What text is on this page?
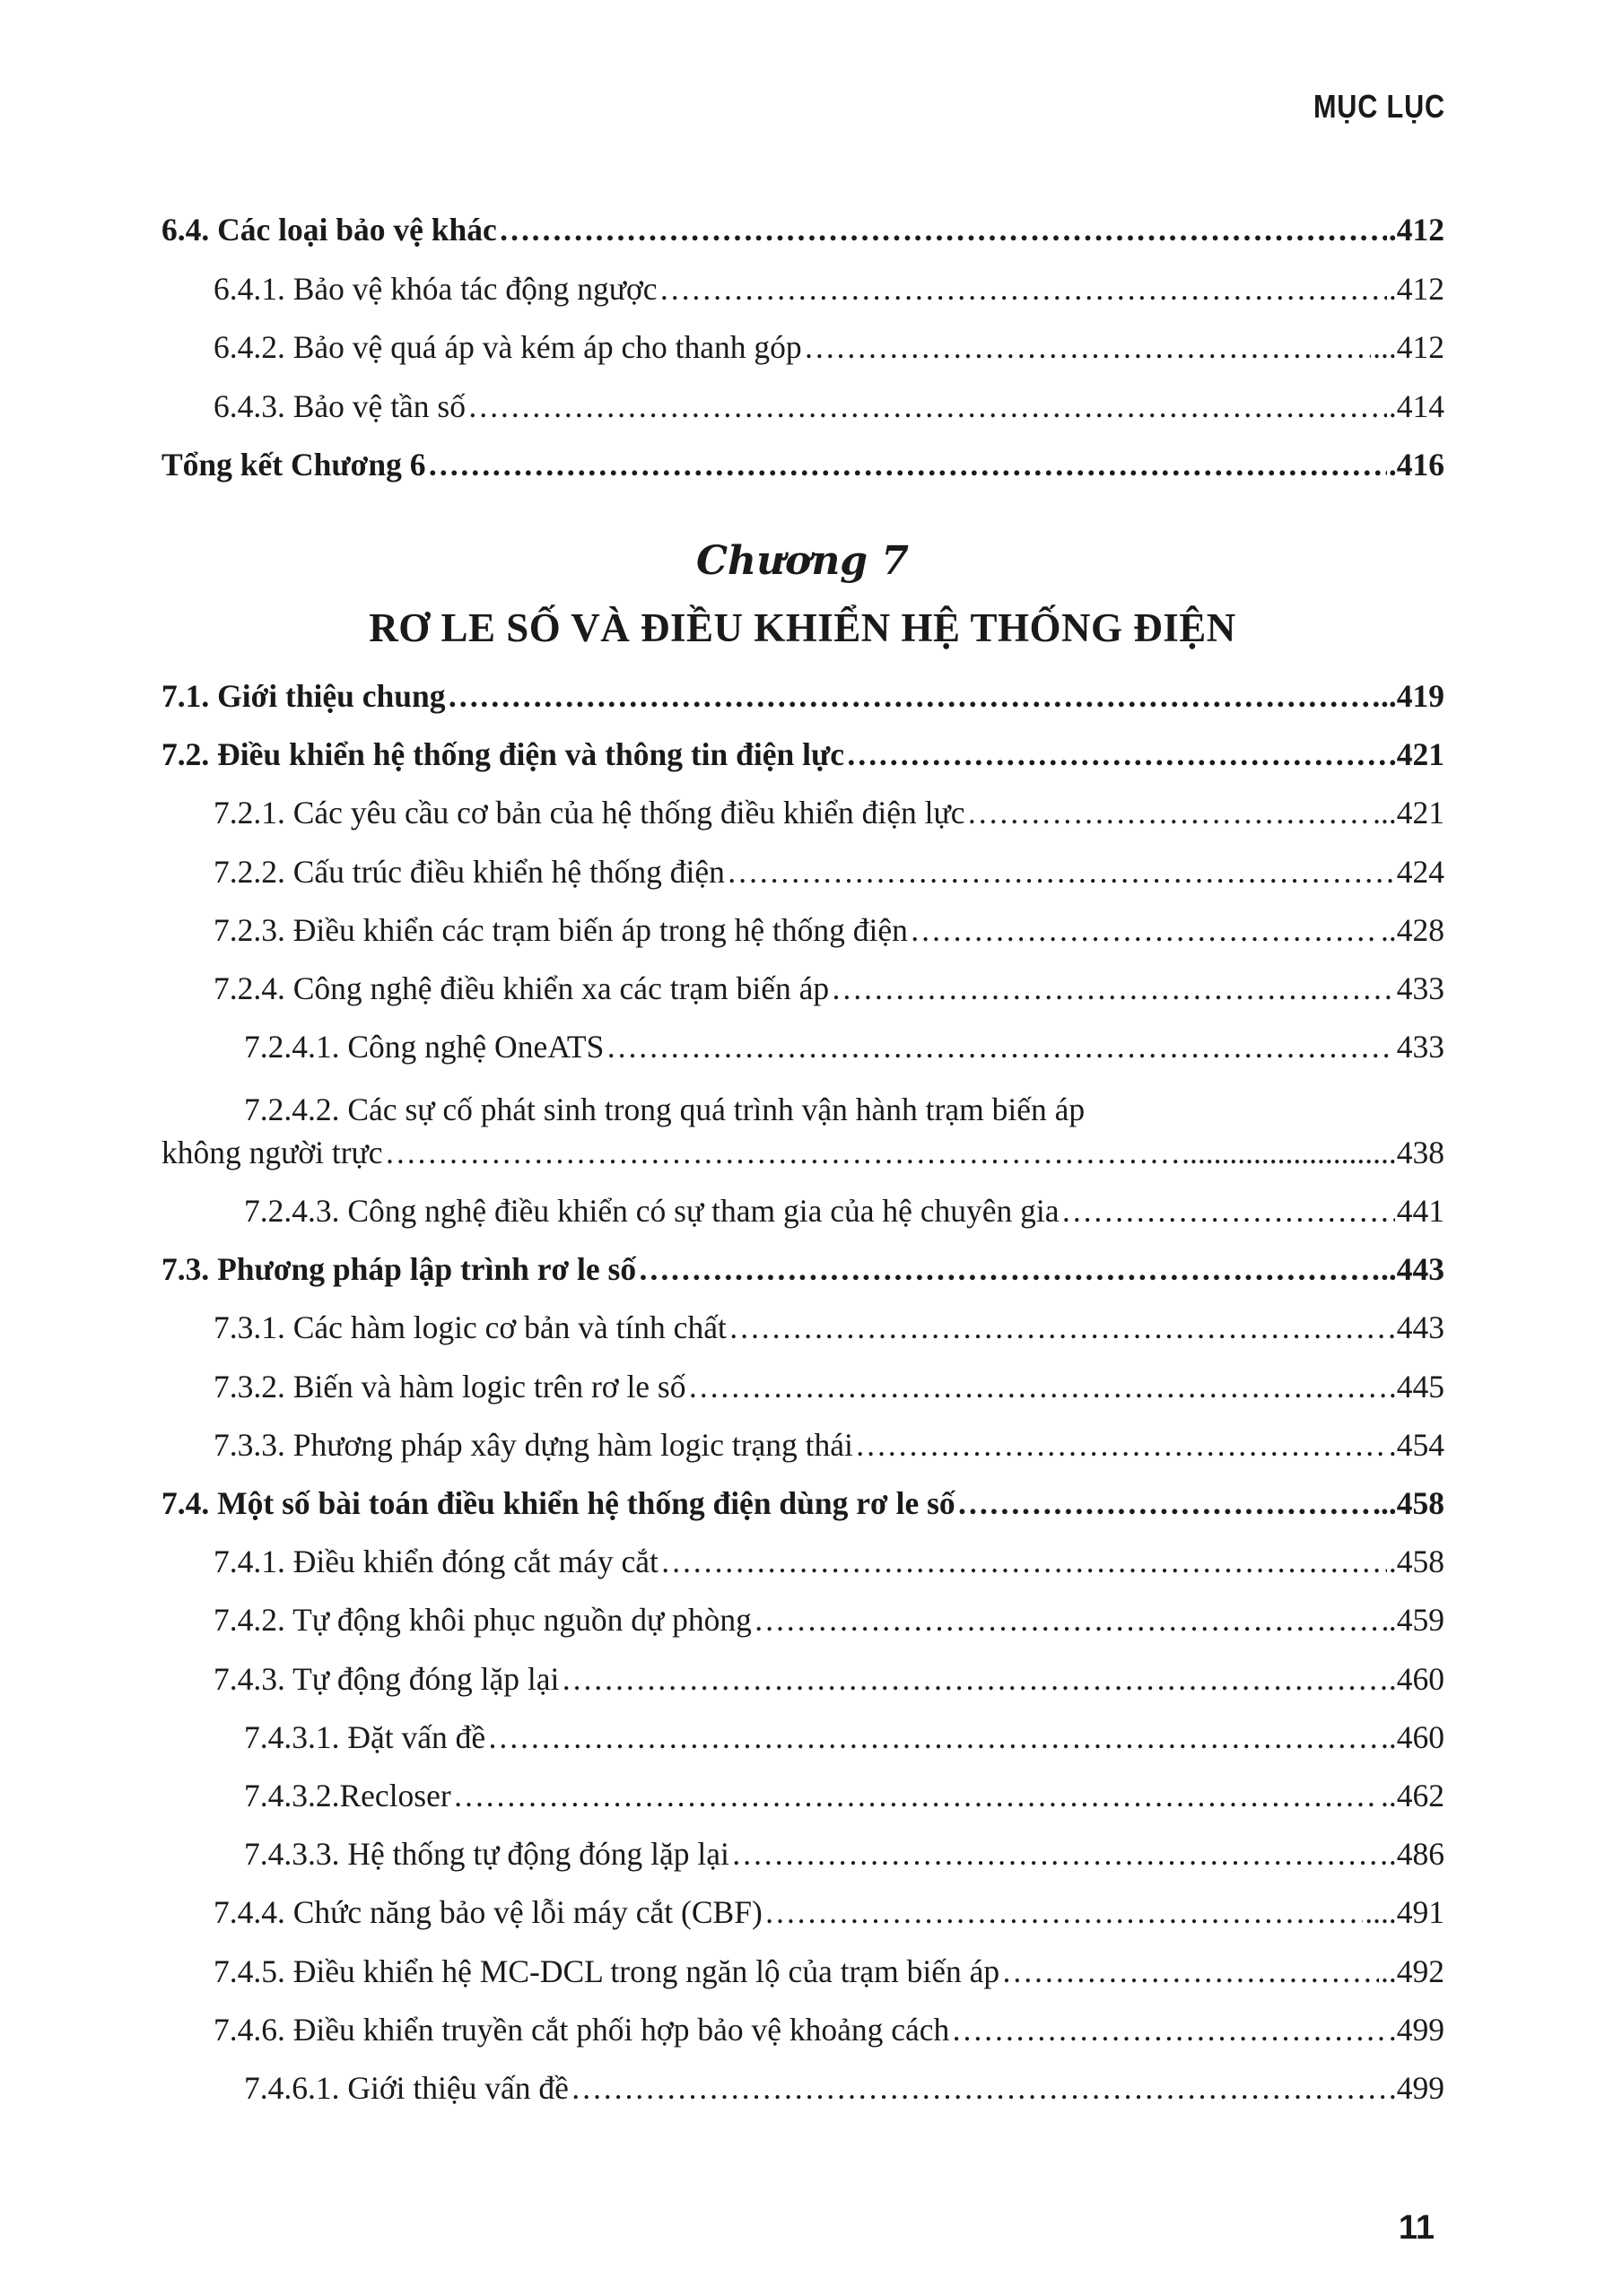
MỤC LỤC
6.4. Các loại bảo vệ khác ……………………………………………………………………………………………………………………………………………………………………………………………………………	.412
6.4.1. Bảo vệ khóa tác động ngược ……………………………………………………………………………………………………………………………………………………………………………………………………………	.412
6.4.2. Bảo vệ quá áp và kém áp cho thanh góp ……………………………………………………………………………………………………………………………………………………………………………………………………………	...412
6.4.3. Bảo vệ tần số ……………………………………………………………………………………………………………………………………………………………………………………………………………	.414
Tổng kết Chương 6 ……………………………………………………………………………………………………………………………………………………………………………………………………………	.416
Chương 7
RƠ LE SỐ VÀ ĐIỀU KHIỂN HỆ THỐNG ĐIỆN
7.1. Giới thiệu chung ……………………………………………………………………………………………………………………………………………………………………………………………………………	..419
7.2. Điều khiển hệ thống điện và thông tin điện lực ……………………………………………………………………………………………………………………………………………………………………………………………………………	.421
7.2.1. Các yêu cầu cơ bản của hệ thống điều khiển điện lực ……………………………………………………………………………………………………………………………………………………………………………………………………………	...421
7.2.2. Cấu trúc điều khiển hệ thống điện ……………………………………………………………………………………………………………………………………………………………………………………………………………	424
7.2.3. Điều khiển các trạm biến áp trong hệ thống điện ……………………………………………………………………………………………………………………………………………………………………………………………………………	..428
7.2.4. Công nghệ điều khiển xa các trạm biến áp ……………………………………………………………………………………………………………………………………………………………………………………………………………	433
7.2.4.1. Công nghệ OneATS ……………………………………………………………………………………………………………………………………………………………………………………………………………	433
7.2.4.2. Các sự cố phát sinh trong quá trình vận hành trạm biến áp
không người trực ……………………………………………………………………………………………………………………………………………………………………………………………………………	...........................438
7.2.4.3. Công nghệ điều khiển có sự tham gia của hệ chuyên gia ……………………………………………………………………………………………………………………………………………………………………………………………………………	441
7.3. Phương pháp lập trình rơ le số ……………………………………………………………………………………………………………………………………………………………………………………………………………	..443
7.3.1. Các hàm logic cơ bản và tính chất ……………………………………………………………………………………………………………………………………………………………………………………………………………	443
7.3.2. Biến và hàm logic trên rơ le số ……………………………………………………………………………………………………………………………………………………………………………………………………………	.445
7.3.3. Phương pháp xây dựng hàm logic trạng thái ……………………………………………………………………………………………………………………………………………………………………………………………………………	.454
7.4. Một số bài toán điều khiển hệ thống điện dùng rơ le số ……………………………………………………………………………………………………………………………………………………………………………………………………………	...458
7.4.1. Điều khiển đóng cắt máy cắt ……………………………………………………………………………………………………………………………………………………………………………………………………………	.458
7.4.2. Tự động khôi phục nguồn dự phòng ……………………………………………………………………………………………………………………………………………………………………………………………………………	.459
7.4.3. Tự động đóng lặp lại ……………………………………………………………………………………………………………………………………………………………………………………………………………	.460
7.4.3.1. Đặt vấn đề ……………………………………………………………………………………………………………………………………………………………………………………………………………	..460
7.4.3.2.Recloser ……………………………………………………………………………………………………………………………………………………………………………………………………………	..462
7.4.3.3. Hệ thống tự động đóng lặp lại ……………………………………………………………………………………………………………………………………………………………………………………………………………	.486
7.4.4. Chức năng bảo vệ lỗi máy cắt (CBF) ……………………………………………………………………………………………………………………………………………………………………………………………………………	....491
7.4.5. Điều khiển hệ MC-DCL trong ngăn lộ của trạm biến áp ……………………………………………………………………………………………………………………………………………………………………………………………………………	..492
7.4.6. Điều khiển truyền cắt phối hợp bảo vệ khoảng cách ……………………………………………………………………………………………………………………………………………………………………………………………………………	.499
7.4.6.1. Giới thiệu vấn đề ……………………………………………………………………………………………………………………………………………………………………………………………………………	.499
11
